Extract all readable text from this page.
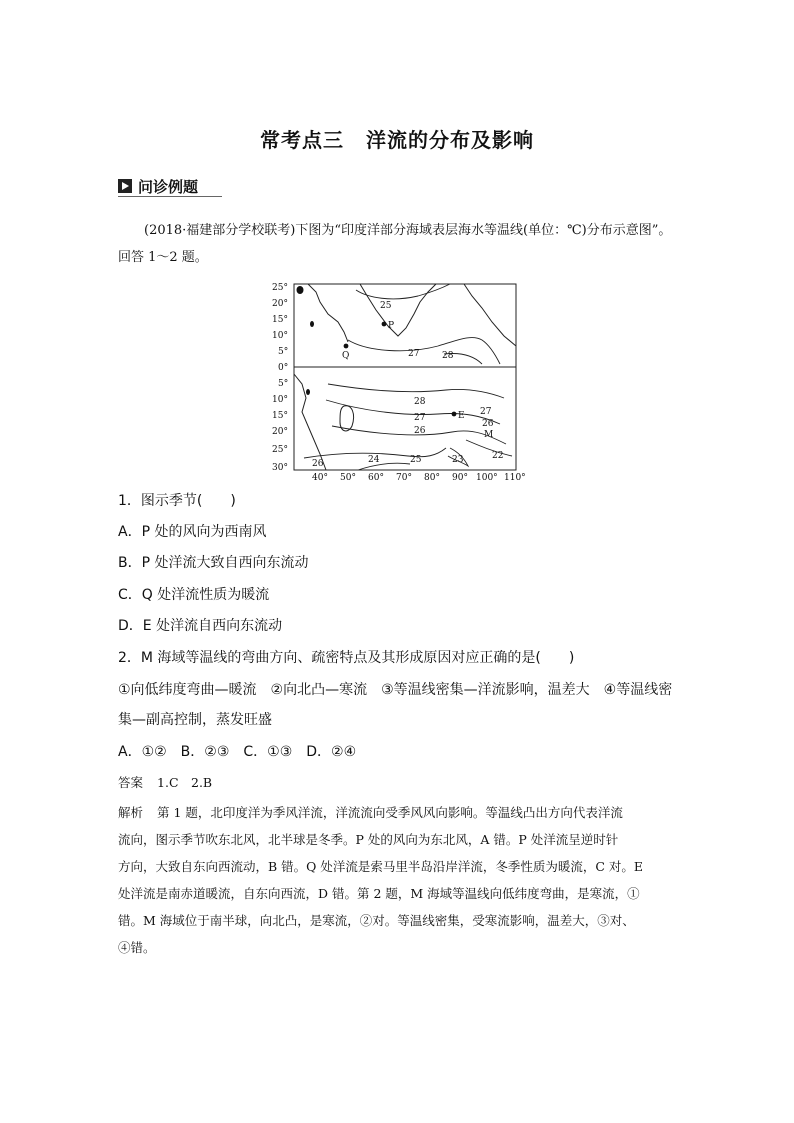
常考点三 洋流的分布及影响
问诊例题
(2018·福建部分学校联考)下图为“印度洋部分海域表层海水等温线(单位：℃)分布示意图”。回答 1～2 题。
25°
20°
15°
10°
5°
0°
5°
10°
15°
20°
25°
30°
40° 50° 60° 70° 80° 90° 100° 110°
25
27	28
28
27
27
26
26
26	24	25	23	22
P
Q
E
M
1．图示季节(　　)
A．P 处的风向为西南风
B．P 处洋流大致自西向东流动
C．Q 处洋流性质为暖流
D．E 处洋流自西向东流动
2．M 海域等温线的弯曲方向、疏密特点及其形成原因对应正确的是(　　)
①向低纬度弯曲—暖流　②向北凸—寒流　③等温线密集—洋流影响，温差大　④等温线密
集—副高控制，蒸发旺盛
A．①②　B．②③　C．①③　D．②④
答案 1.C　2.B
解析 第 1 题，北印度洋为季风洋流，洋流流向受季风风向影响。等温线凸出方向代表洋流
流向，图示季节吹东北风，北半球是冬季。P 处的风向为东北风，A 错。P 处洋流呈逆时针
方向，大致自东向西流动，B 错。Q 处洋流是索马里半岛沿岸洋流，冬季性质为暖流，C 对。E
处洋流是南赤道暖流，自东向西流，D 错。第 2 题，M 海域等温线向低纬度弯曲，是寒流，①
错。M 海域位于南半球，向北凸，是寒流，②对。等温线密集，受寒流影响，温差大，③对、
④错。
